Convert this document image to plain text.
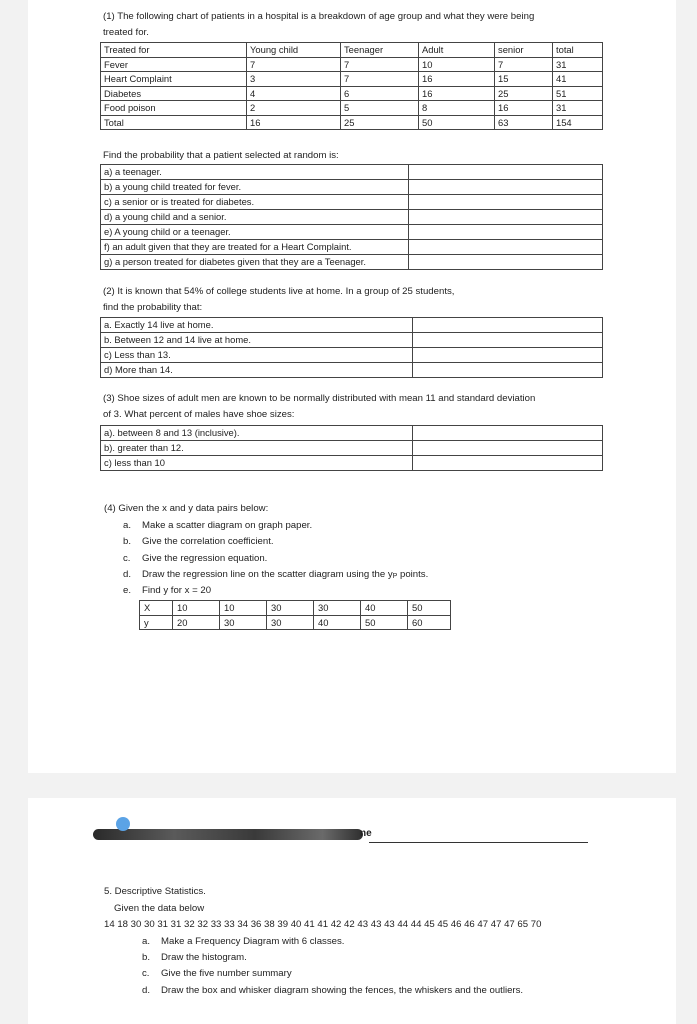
(1) The following chart of patients in a hospital is a breakdown of age group and what they were being
treated for.
Treated for	Young child	Teenager	Adult	senior	total
Fever	7	7	10	7	31
Heart Complaint	3	7	16	15	41
Diabetes	4	6	16	25	51
Food poison	2	5	8	16	31
Total	16	25	50	63	154
Find the probability that a patient selected at random is:
a) a teenager.	
b) a young child treated for fever.	
c) a senior or is treated for diabetes.	
d) a young child and a senior.	
e) A young child or a teenager.	
f) an adult given that they are treated for a Heart Complaint.	
g) a person treated for diabetes given that they are a Teenager.	
(2) It is known that 54% of college students live at home. In a group of 25 students,
find the probability that:
a. Exactly 14 live at home.	
b. Between 12 and 14 live at home.	
c) Less than 13.	
d) More than 14.	
(3) Shoe sizes of adult men are known to be normally distributed with mean 11 and standard deviation
of 3. What percent of males have shoe sizes:
a). between 8 and 13 (inclusive).	
b). greater than 12.	
c) less than 10	
(4) Given the x and y data pairs below:
a. Make a scatter diagram on graph paper.
b. Give the correlation coefficient.
c. Give the regression equation.
d. Draw the regression line on the scatter diagram using the yP points.
e. Find y for x = 20
X	10	10	30	30	40	50
y	20	30	30	40	50	60
ne
5. Descriptive Statistics.
Given the data below
14 18 30 30 31 31 32 32 33 33 34 36 38 39 40 41 41 42 42 43 43 43 44 44 45 45 46 46 47 47 47 65 70
a. Make a Frequency Diagram with 6 classes.
b. Draw the histogram.
c. Give the five number summary
d. Draw the box and whisker diagram showing the fences, the whiskers and the outliers.
